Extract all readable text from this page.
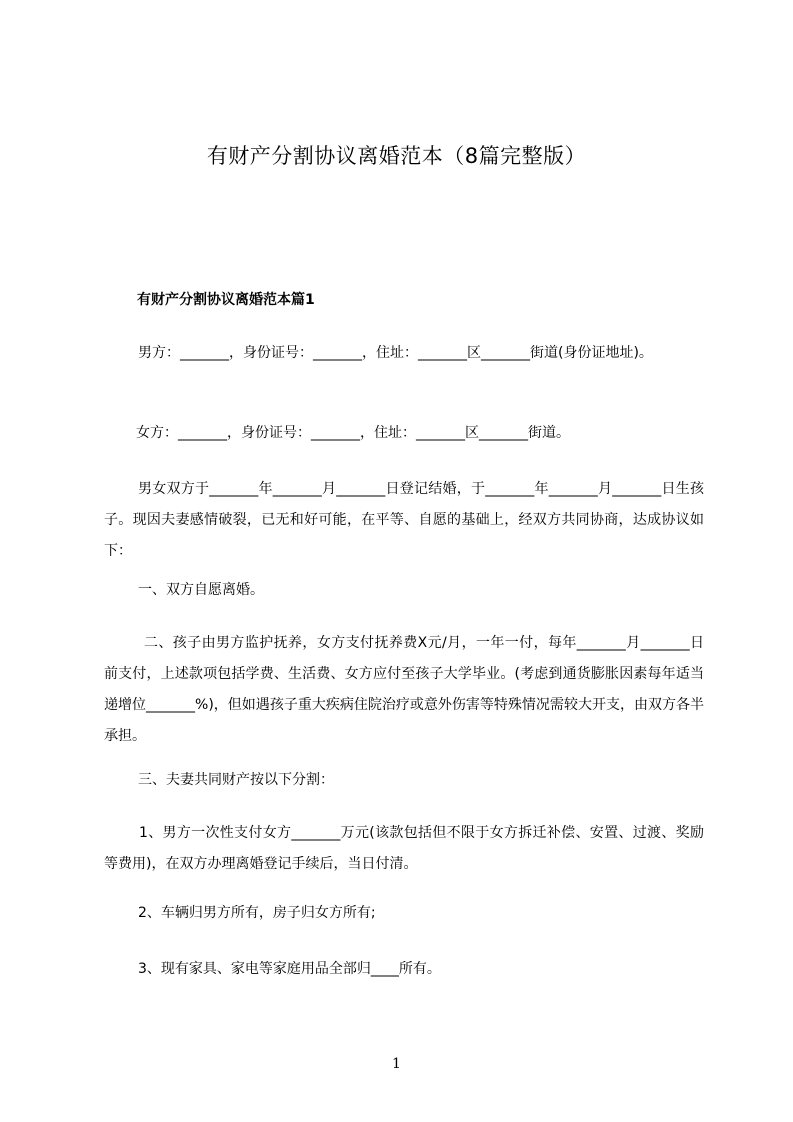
有财产分割协议离婚范本（8篇完整版）
有财产分割协议离婚范本篇1
男方：_______，身份证号：_______，住址：_______区_______街道(身份证地址)。
女方：_______，身份证号：_______，住址：_______区_______街道。
男女双方于_______年_______月_______日登记结婚，于_______年_______月_______日生孩子。现因夫妻感情破裂，已无和好可能，在平等、自愿的基础上，经双方共同协商，达成协议如下：
一、双方自愿离婚。
二、孩子由男方监护抚养，女方支付抚养费X元/月，一年一付，每年_______月_______日前支付，上述款项包括学费、生活费、女方应付至孩子大学毕业。(考虑到通货膨胀因素每年适当递增位_______%)，但如遇孩子重大疾病住院治疗或意外伤害等特殊情况需较大开支，由双方各半承担。
三、夫妻共同财产按以下分割：
1、男方一次性支付女方_______万元(该款包括但不限于女方拆迁补偿、安置、过渡、奖励等费用)，在双方办理离婚登记手续后，当日付清。
2、车辆归男方所有，房子归女方所有;
3、现有家具、家电等家庭用品全部归____所有。
1
